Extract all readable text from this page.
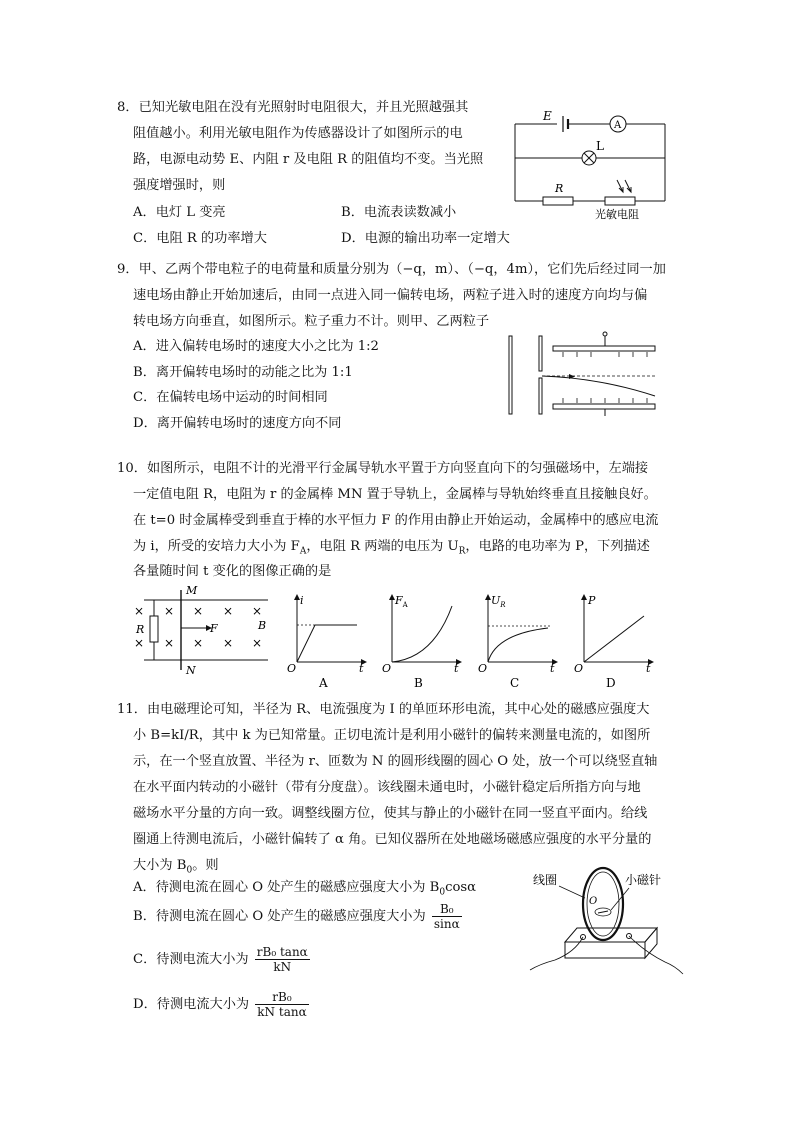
8．已知光敏电阻在没有光照射时电阻很大，并且光照越强其
阻值越小。利用光敏电阻作为传感器设计了如图所示的电
路，电源电动势 E、内阻 r 及电阻 R 的阻值均不变。当光照
强度增强时，则
A．电灯 L 变亮	B．电流表读数减小
C．电阻 R 的功率增大	D．电源的输出功率一定增大
A
L
E
R
光敏电阻
9．甲、乙两个带电粒子的电荷量和质量分别为（−q，m）、（−q，4m），它们先后经过同一加
速电场由静止开始加速后，由同一点进入同一偏转电场，两粒子进入时的速度方向均与偏
转电场方向垂直，如图所示。粒子重力不计。则甲、乙两粒子
A．进入偏转电场时的速度大小之比为 1:2
B．离开偏转电场时的动能之比为 1:1
C．在偏转电场中运动的时间相同
D．离开偏转电场时的速度方向不同
10．如图所示，电阻不计的光滑平行金属导轨水平置于方向竖直向下的匀强磁场中，左端接
一定值电阻 R，电阻为 r 的金属棒 MN 置于导轨上，金属棒与导轨始终垂直且接触良好。
在 t=0 时金属棒受到垂直于棒的水平恒力 F 的作用由静止开始运动，金属棒中的感应电流
为 i，所受的安培力大小为 $F_A$，电阻 R 两端的电压为 $U_R$，电路的电功率为 P，下列描述
各量随时间 t 变化的图像正确的是
R
M
N
F	B
×
×
×
×
× × ×
× × ×
i
O	t
A
$F_A$
O	t
B
$U_R$
O	t
C
P
O	t
D
11．由电磁理论可知，半径为 R、电流强度为 I 的单匝环形电流，其中心处的磁感应强度大
小 B=kI/R，其中 k 为已知常量。正切电流计是利用小磁针的偏转来测量电流的，如图所
示，在一个竖直放置、半径为 r、匝数为 N 的圆形线圈的圆心 O 处，放一个可以绕竖直轴
在水平面内转动的小磁针（带有分度盘）。该线圈未通电时，小磁针稳定后所指方向与地
磁场水平分量的方向一致。调整线圈方位，使其与静止的小磁针在同一竖直平面内。给线
圈通上待测电流后，小磁针偏转了 α 角。已知仪器所在处地磁场磁感应强度的水平分量的
大小为 $B_0$。则
A．待测电流在圆心 O 处产生的磁感应强度大小为 $B_0\cos\alpha$
B．待测电流在圆心 O 处产生的磁感应强度大小为 $\frac{\text{B₀}}{\sin\alpha}$
C．待测电流大小为 $\frac{\text{rB₀ tanα}}{kN}$
D．待测电流大小为 $\frac{\text{rB₀}}{\text{kN tanα}}$
O
线圈	小磁针
